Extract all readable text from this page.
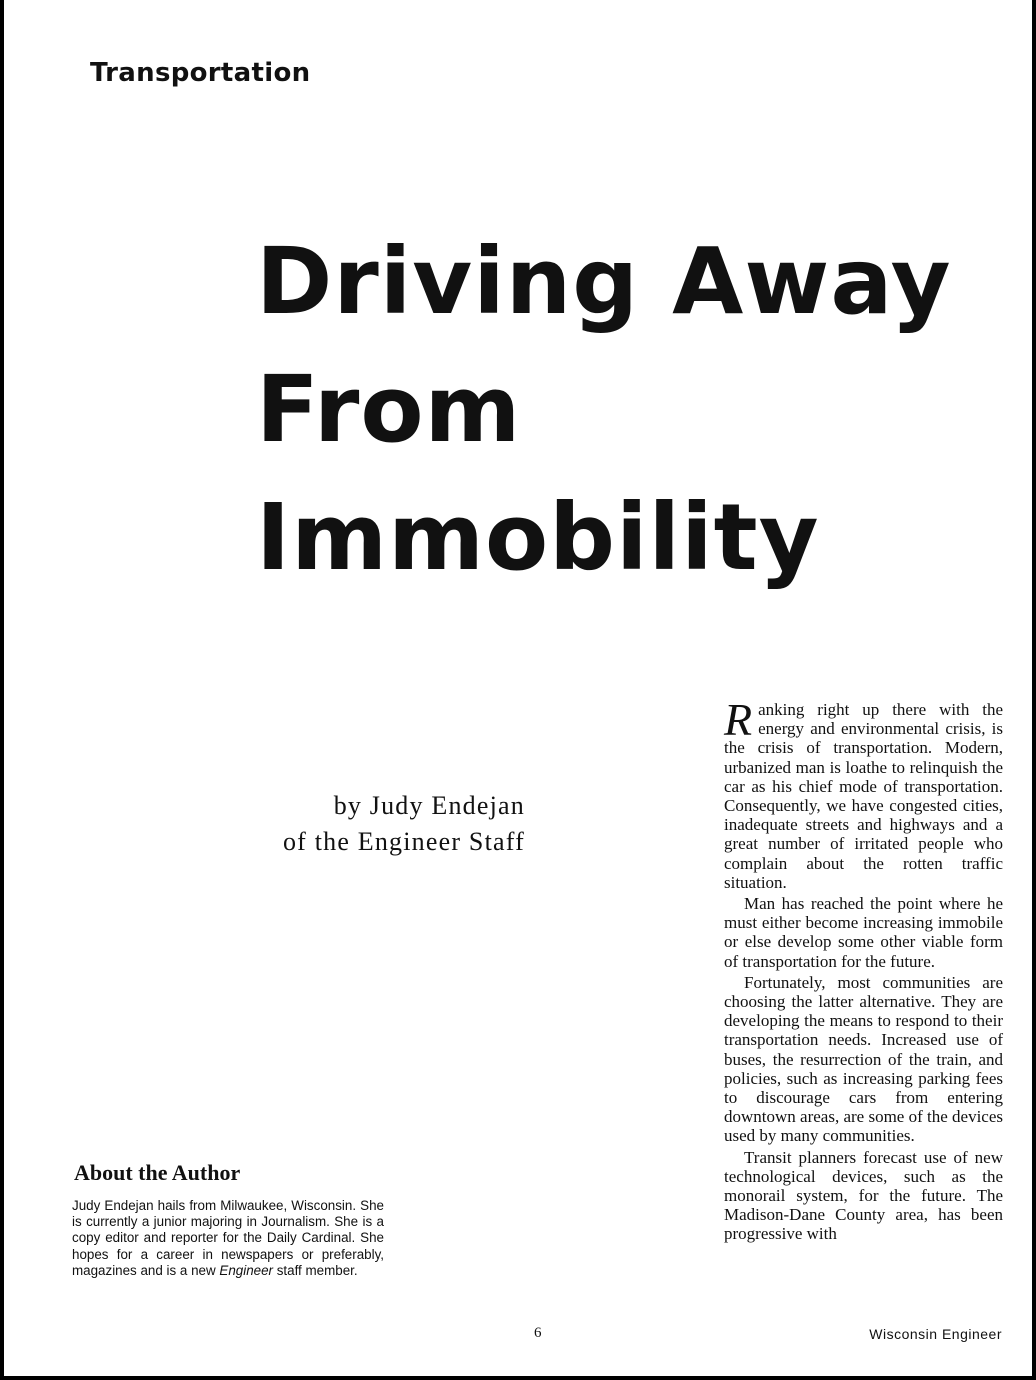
Transportation
Driving Away
From
Immobility
by Judy Endejan
of the Engineer Staff
About the Author
Judy Endejan hails from Milwaukee, Wisconsin. She is currently a junior majoring in Journalism. She is a copy editor and reporter for the Daily Cardinal. She hopes for a career in newspapers or preferably, magazines and is a new Engineer staff member.

Ranking right up there with the energy and environmental crisis, is the crisis of transportation. Modern, urbanized man is loathe to relinquish the car as his chief mode of transportation. Consequently, we have congested cities, inadequate streets and highways and a great number of irritated people who complain about the rotten traffic situation.

Man has reached the point where he must either become increasing immobile or else develop some other viable form of transportation for the future.

Fortunately, most communities are choosing the latter alternative. They are developing the means to respond to their transportation needs. Increased use of buses, the resurrection of the train, and policies, such as increasing parking fees to discourage cars from entering downtown areas, are some of the devices used by many communities.

Transit planners forecast use of new technological devices, such as the monorail system, for the future. The Madison-Dane County area, has been progressive with

6	Wisconsin Engineer
